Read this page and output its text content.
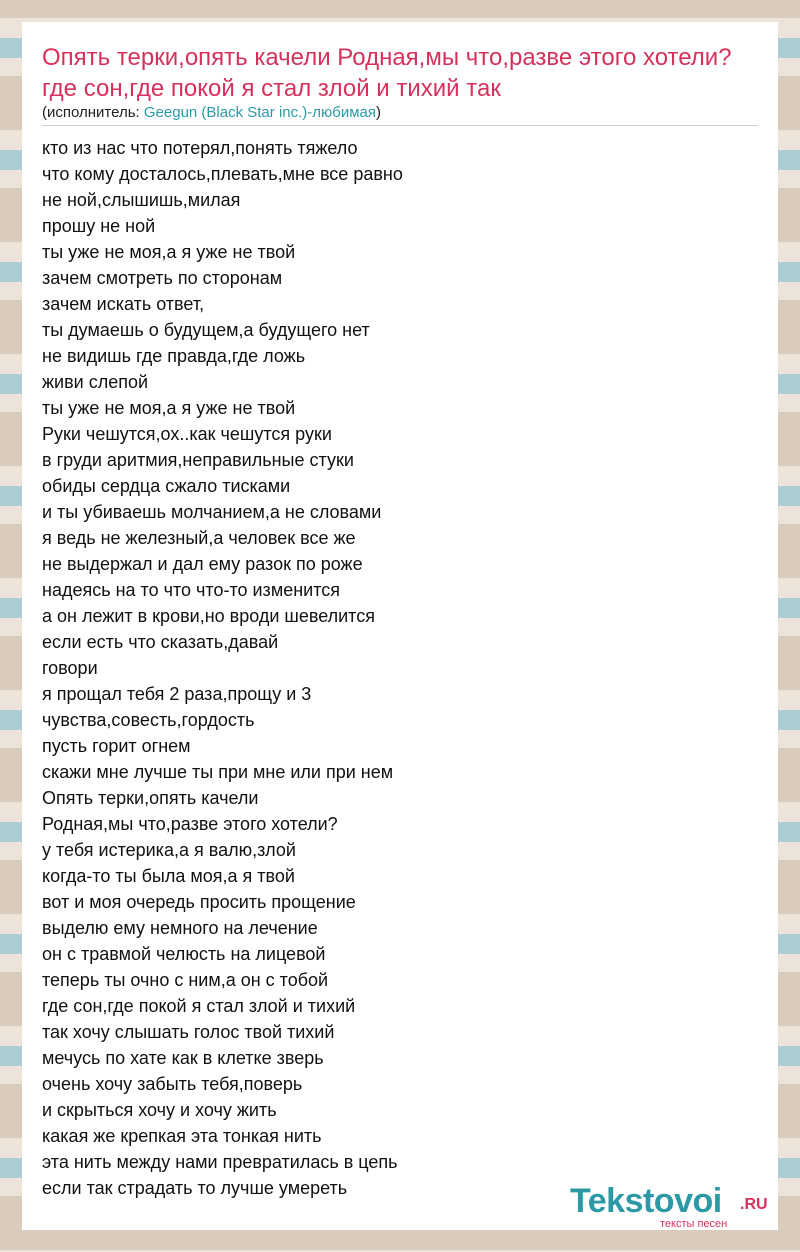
Опять терки,опять качели Родная,мы что,разве этого хотели?где сон,где покой я стал злой и тихий так
(исполнитель: Geegun (Black Star inc.)-любимая)
кто из нас что потерял,понять тяжело
что кому досталось,плевать,мне все равно
не ной,слышишь,милая
прошу не ной
ты уже не моя,а я уже не твой
зачем смотреть по сторонам
зачем искать ответ,
ты думаешь о будущем,а будущего нет
не видишь где правда,где ложь
живи слепой
ты уже не моя,а я уже не твой
Руки чешутся,ох..как чешутся руки
в груди аритмия,неправильные стуки
обиды сердца сжало тисками
и ты убиваешь молчанием,а не словами
я ведь не железный,а человек все же
не выдержал и дал ему разок по роже
надеясь на то что что-то изменится
а он лежит в крови,но вроди шевелится
если есть что сказать,давай
говори
я прощал тебя 2 раза,прощу и 3
чувства,совесть,гордость
пусть горит огнем
скажи мне лучше ты при мне или при нем
Опять терки,опять качели
Родная,мы что,разве этого хотели?
у тебя истерика,а я валю,злой
когда-то ты была моя,а я твой
вот и моя очередь просить прощение
выделю ему немного на лечение
он с травмой челюсть на лицевой
теперь ты очно с ним,а он с тобой
где сон,где покой я стал злой и тихий
так хочу слышать голос твой тихий
мечусь по хате как в клетке зверь
очень хочу забыть тебя,поверь
и скрыться хочу и хочу жить
какая же крепкая эта тонкая нить
эта нить между нами превратилась в цепь
если так страдать то лучше умереть	Tekstovoi .RU
тексты песен
